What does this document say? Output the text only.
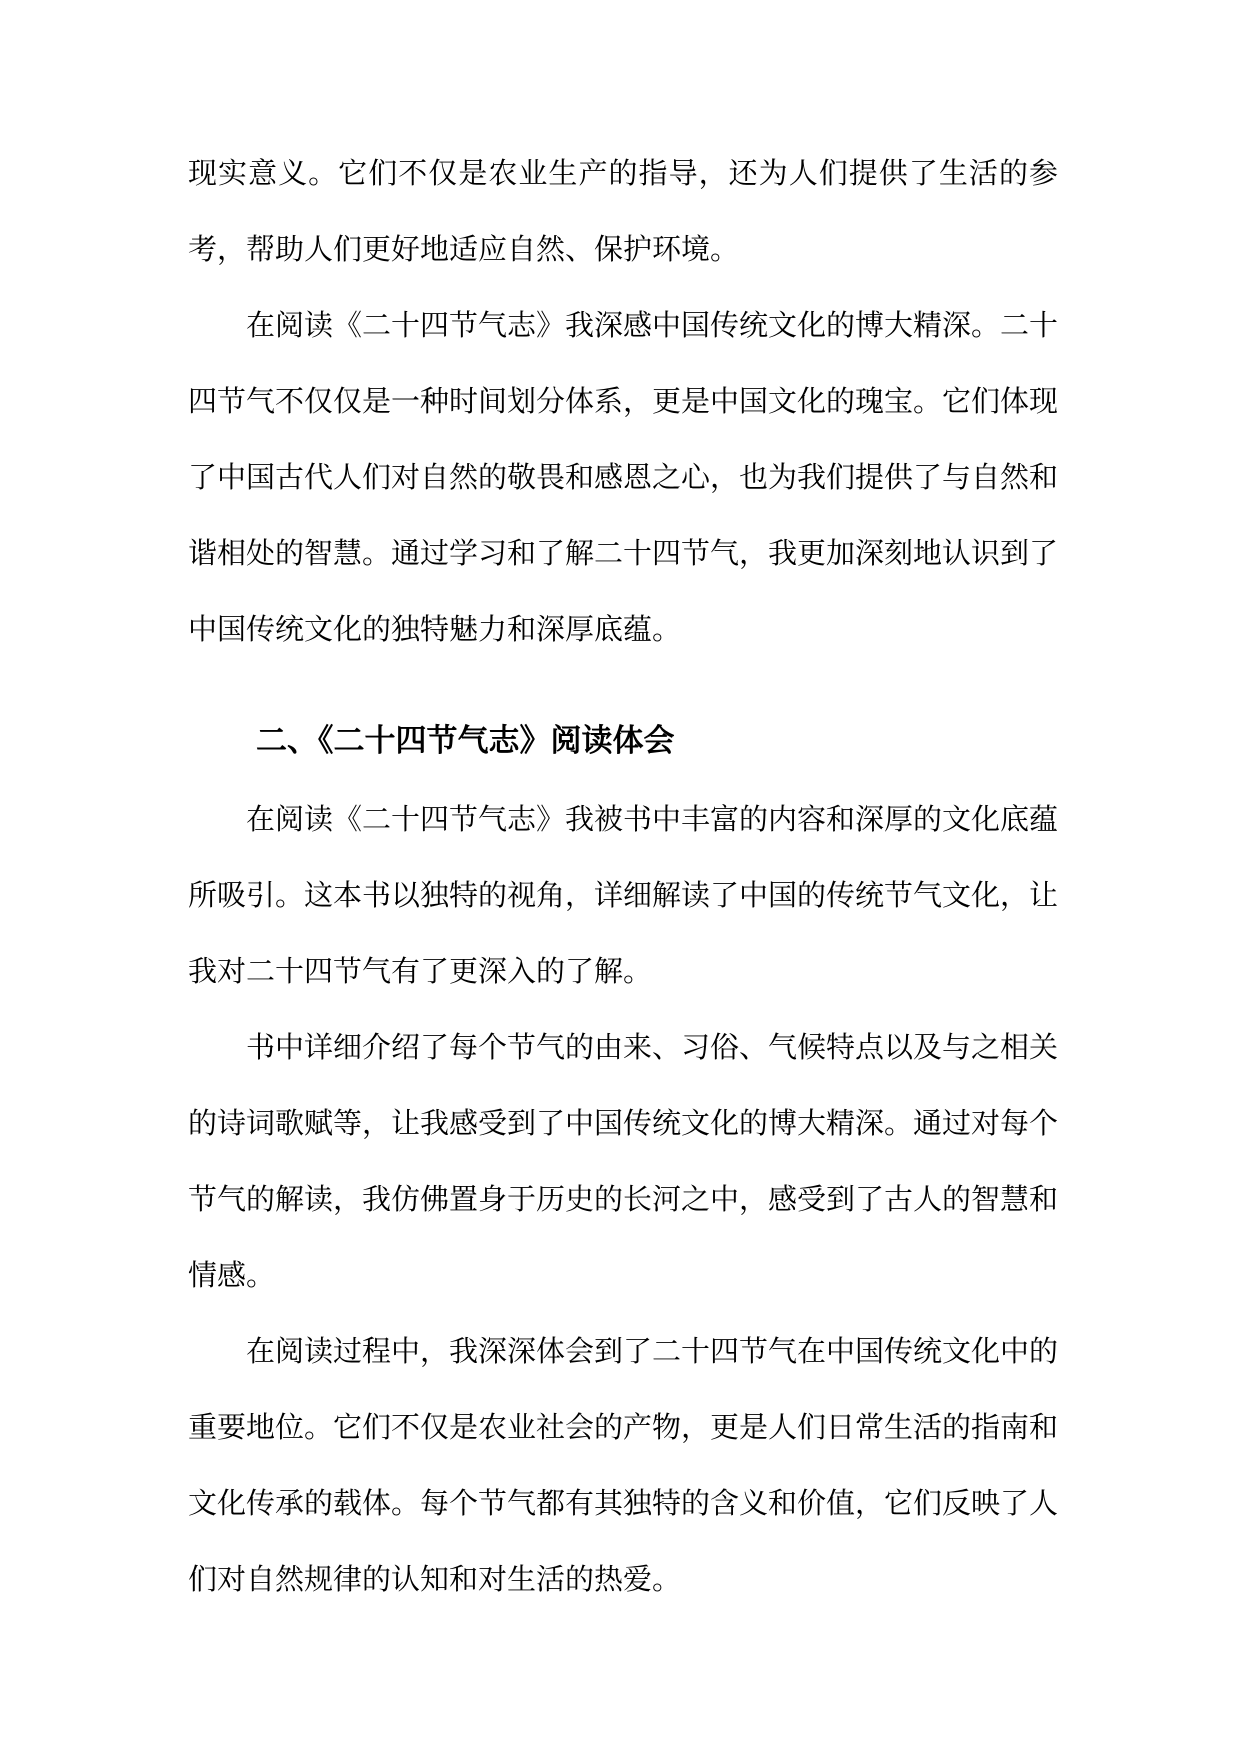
现实意义。它们不仅是农业生产的指导，还为人们提供了生活的参考，帮助人们更好地适应自然、保护环境。

在阅读《二十四节气志》我深感中国传统文化的博大精深。二十四节气不仅仅是一种时间划分体系，更是中国文化的瑰宝。它们体现了中国古代人们对自然的敬畏和感恩之心，也为我们提供了与自然和谐相处的智慧。通过学习和了解二十四节气，我更加深刻地认识到了中国传统文化的独特魅力和深厚底蕴。

二、《二十四节气志》阅读体会

在阅读《二十四节气志》我被书中丰富的内容和深厚的文化底蕴所吸引。这本书以独特的视角，详细解读了中国的传统节气文化，让我对二十四节气有了更深入的了解。

书中详细介绍了每个节气的由来、习俗、气候特点以及与之相关的诗词歌赋等，让我感受到了中国传统文化的博大精深。通过对每个节气的解读，我仿佛置身于历史的长河之中，感受到了古人的智慧和情感。

在阅读过程中，我深深体会到了二十四节气在中国传统文化中的重要地位。它们不仅是农业社会的产物，更是人们日常生活的指南和文化传承的载体。每个节气都有其独特的含义和价值，它们反映了人们对自然规律的认知和对生活的热爱。
